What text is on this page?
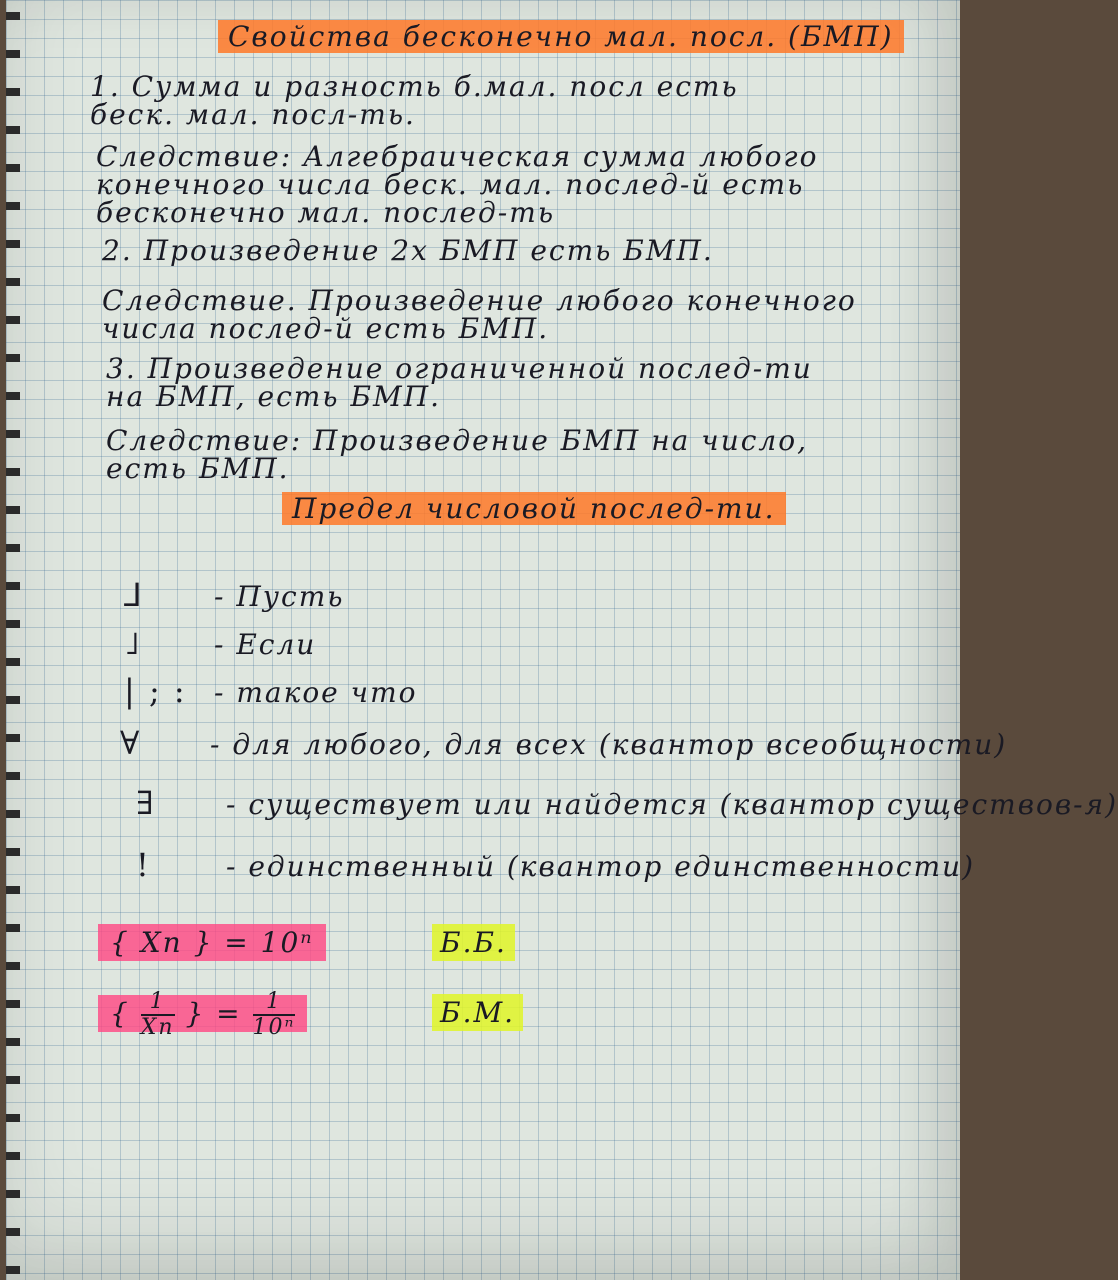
Свойства бесконечно мал. посл. (БМП)
1. Сумма и разность б.мал. посл есть
беск. мал. посл-ть.
Следствие: Алгебраическая сумма любого
конечного числа беск. мал. послед-й есть
бесконечно мал. послед-ть
2. Произведение 2х БМП есть БМП.
Следствие. Произведение любого конечного
числа послед-й есть БМП.
3. Произведение ограниченной послед-ти
на БМП, есть БМП.
Следствие: Произведение БМП на число,
есть БМП.
Предел числовой послед-ти.
⅃	- Пусть
˩	- Если
| ; : - такое что
∀ - для любого, для всех (квантор всеобщности)
∃	- существует или найдется (квантор существов-я)
!	- единственный (квантор единственности)
{ Xn } = 10ⁿ	Б.Б.
{ $\frac{1}{Xn}$ } = $\frac{1}{\text{10ⁿ}}$	Б.М.
